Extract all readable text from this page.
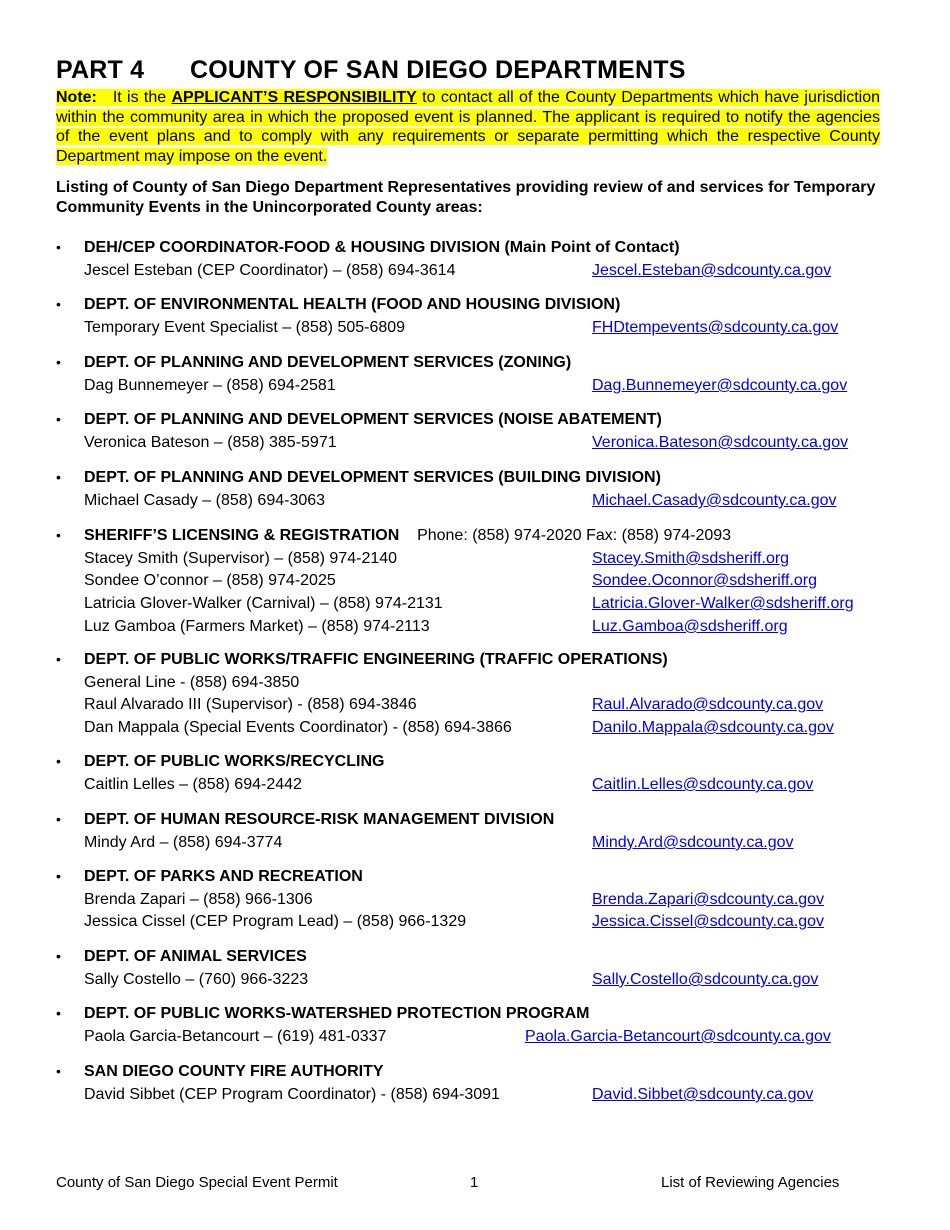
PART 4 COUNTY OF SAN DIEGO DEPARTMENTS
Note: It is the APPLICANT’S RESPONSIBILITY to contact all of the County Departments which have jurisdiction within the community area in which the proposed event is planned. The applicant is required to notify the agencies of the event plans and to comply with any requirements or separate permitting which the respective County Department may impose on the event.
Listing of County of San Diego Department Representatives providing review of and services for Temporary Community Events in the Unincorporated County areas:
• DEH/CEP COORDINATOR-FOOD & HOUSING DIVISION (Main Point of Contact)
Jescel Esteban (CEP Coordinator) – (858) 694-3614	Jescel.Esteban@sdcounty.ca.gov
• DEPT. OF ENVIRONMENTAL HEALTH (FOOD AND HOUSING DIVISION)
Temporary Event Specialist – (858) 505-6809	FHDtempevents@sdcounty.ca.gov
• DEPT. OF PLANNING AND DEVELOPMENT SERVICES (ZONING)
Dag Bunnemeyer – (858) 694-2581	Dag.Bunnemeyer@sdcounty.ca.gov
• DEPT. OF PLANNING AND DEVELOPMENT SERVICES (NOISE ABATEMENT)
Veronica Bateson – (858) 385-5971	Veronica.Bateson@sdcounty.ca.gov
• DEPT. OF PLANNING AND DEVELOPMENT SERVICES (BUILDING DIVISION)
Michael Casady – (858) 694-3063	Michael.Casady@sdcounty.ca.gov
• SHERIFF’S LICENSING & REGISTRATION Phone: (858) 974-2020 Fax: (858) 974-2093
Stacey Smith (Supervisor) – (858) 974-2140	Stacey.Smith@sdsheriff.org
Sondee O’connor – (858) 974-2025	Sondee.Oconnor@sdsheriff.org
Latricia Glover-Walker (Carnival) – (858) 974-2131	Latricia.Glover-Walker@sdsheriff.org
Luz Gamboa (Farmers Market) – (858) 974-2113	Luz.Gamboa@sdsheriff.org
• DEPT. OF PUBLIC WORKS/TRAFFIC ENGINEERING (TRAFFIC OPERATIONS)
General Line - (858) 694-3850
Raul Alvarado III (Supervisor) - (858) 694-3846	Raul.Alvarado@sdcounty.ca.gov
Dan Mappala (Special Events Coordinator) - (858) 694-3866	Danilo.Mappala@sdcounty.ca.gov
• DEPT. OF PUBLIC WORKS/RECYCLING
Caitlin Lelles – (858) 694-2442	Caitlin.Lelles@sdcounty.ca.gov
• DEPT. OF HUMAN RESOURCE-RISK MANAGEMENT DIVISION
Mindy Ard – (858) 694-3774	Mindy.Ard@sdcounty.ca.gov
• DEPT. OF PARKS AND RECREATION
Brenda Zapari – (858) 966-1306	Brenda.Zapari@sdcounty.ca.gov
Jessica Cissel (CEP Program Lead) – (858) 966-1329	Jessica.Cissel@sdcounty.ca.gov
• DEPT. OF ANIMAL SERVICES
Sally Costello – (760) 966-3223	Sally.Costello@sdcounty.ca.gov
• DEPT. OF PUBLIC WORKS-WATERSHED PROTECTION PROGRAM
Paola Garcia-Betancourt – (619) 481-0337	Paola.Garcia-Betancourt@sdcounty.ca.gov
• SAN DIEGO COUNTY FIRE AUTHORITY
David Sibbet (CEP Program Coordinator) - (858) 694-3091	David.Sibbet@sdcounty.ca.gov
County of San Diego Special Event Permit	1	List of Reviewing Agencies
